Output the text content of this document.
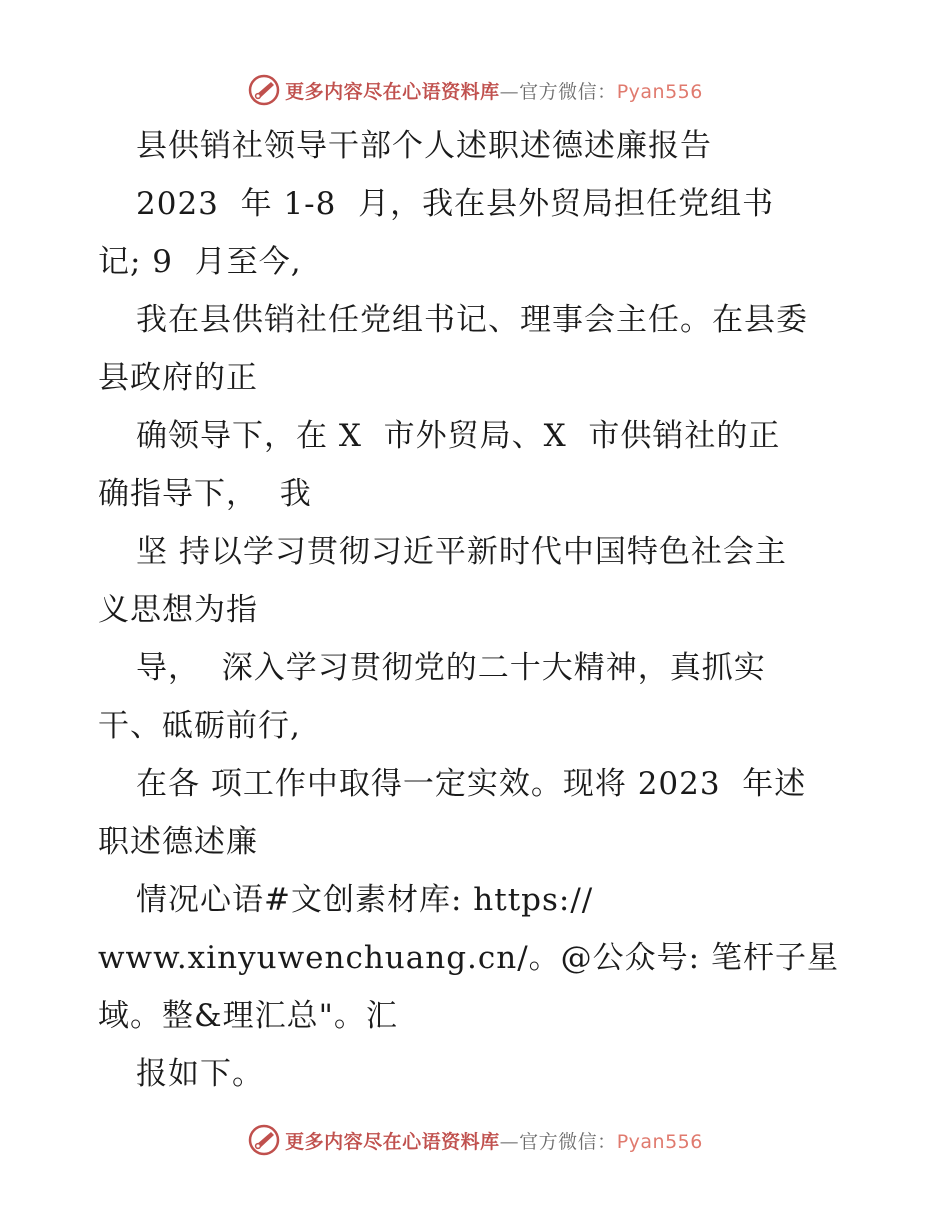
更多内容尽在心语资料库—官方微信：Pyan556
县供销社领导干部个人述职述德述廉报告
2023  年 1-8  月，我在县外贸局担任党组书
记; 9  月至今,
我在县供销社任党组书记、理事会主任。在县委
县政府的正
确领导下，在 X  市外贸局、X  市供销社的正
确指导下，  我
坚 持以学习贯彻习近平新时代中国特色社会主
义思想为指
导，  深入学习贯彻党的二十大精神，真抓实
干、砥砺前行,
在各 项工作中取得一定实效。现将 2023  年述
职述德述廉
情况心语#文创素材库: https://
www.xinyuwenchuang.cn/。@公众号: 笔杆子星
域。整&理汇总"。汇
报如下。
更多内容尽在心语资料库—官方微信：Pyan556
